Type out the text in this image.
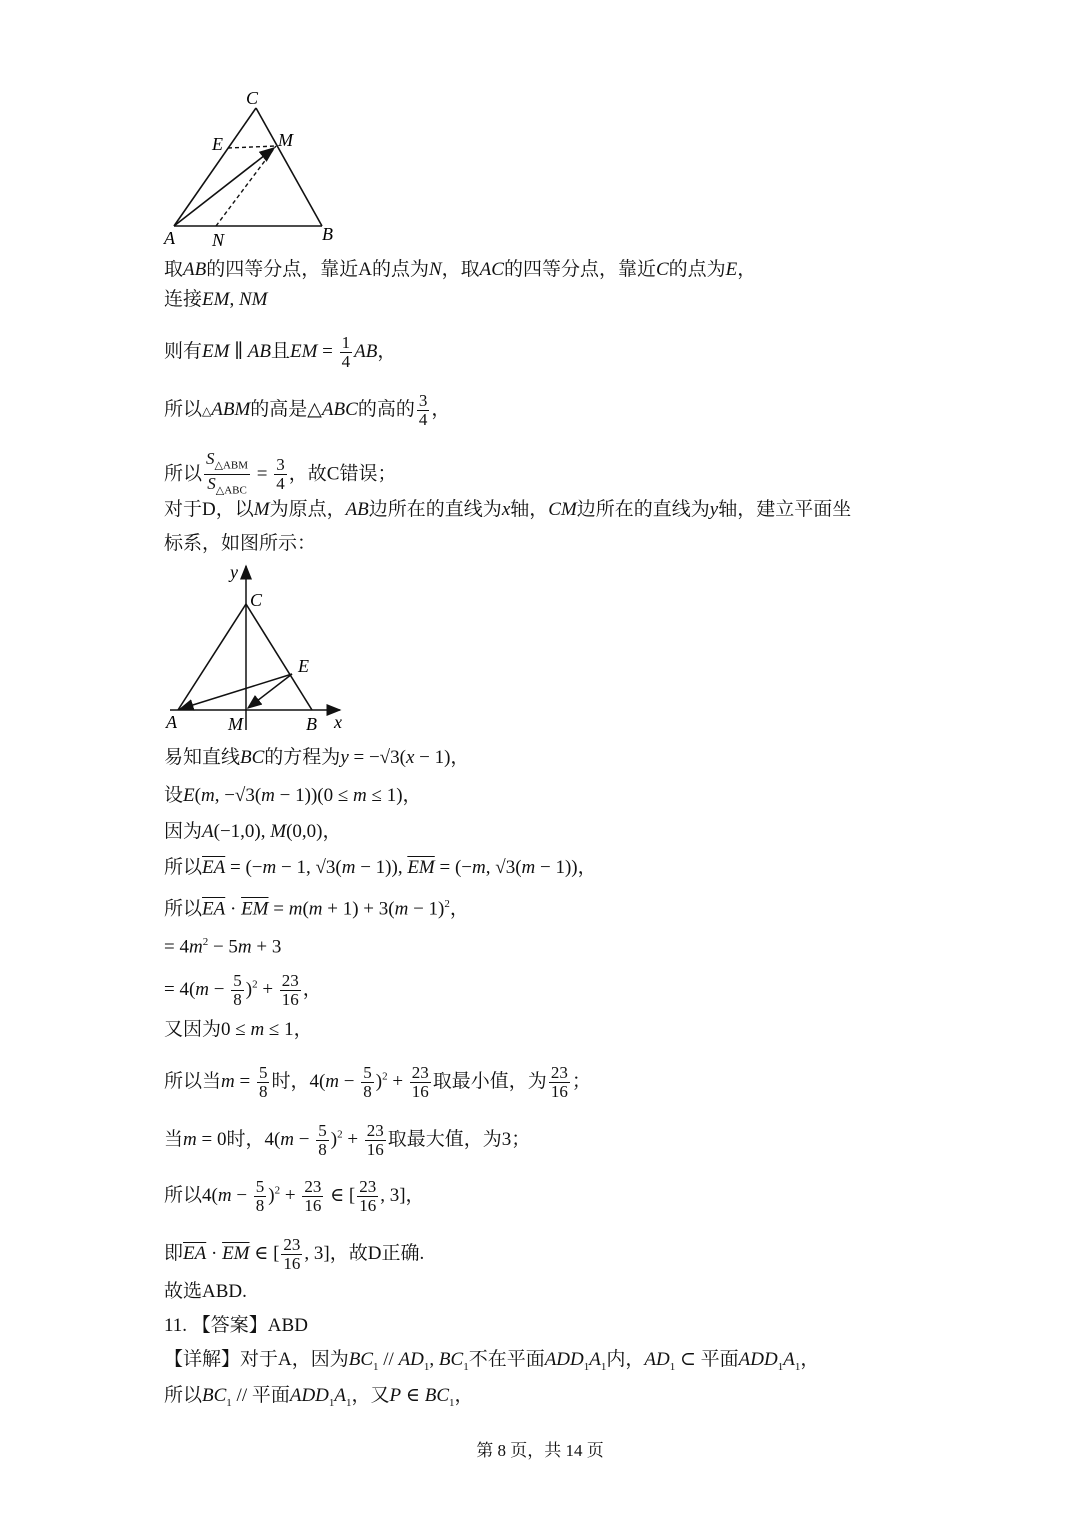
A N	B
C
E	M
取AB的四等分点，靠近A的点为N，取AC的四等分点，靠近C的点为E，
连接EM, NM
则有EM ∥ AB且EM = $\frac{1}{4}$ AB，
所以△ABM的高是△ABC的高的 $\frac{3}{4}$ ，
所以 $\frac{S_{\triangle ABM}}{S_{\triangle ABC}} = \frac{3}{4}$ ，故C错误；
对于D，以M为原点，AB边所在的直线为x轴，CM边所在的直线为y轴，建立平面坐
标系，如图所示：
y
x
C
E
A	M	B
易知直线BC的方程为y = −√3(x − 1)，
设E(m, −√3(m − 1))(0 ≤ m ≤ 1)，
因为A(−1,0), M(0,0)，
所以$\overline{EA} = (-m - 1$, √3(m − 1)), $\overline{EM} = (-m$, √3(m − 1))，
所以$\overline{EA} \cdot \overline{EM} = m(m + 1) + 3(m - 1)^2$，
= $4m^2 - 5m + 3$
= $4(m - \frac{5}{8} )^2 + \frac{23}{16}$ ，
又因为0 ≤ m ≤ 1，
所以当$m = \frac{5}{8}$ 时，$4(m - \frac{5}{8} )^2 + \frac{23}{16}$ 取最小值，为 $\frac{23}{16}$ ；
当m = 0时，$4(m - \frac{5}{8} )^2 + \frac{23}{16}$ 取最大值，为3；
所以$4(m - \frac{5}{8} )^2 + \frac{23}{16}$ ∈ [ $\frac{23}{16}$ , 3]，
即$\overline{EA} \cdot \overline{EM}$ ∈ [ $\frac{23}{16}$ , 3]，故D正确.
故选ABD.
11. 【答案】ABD
【详解】对于A，因为$BC_1 // AD_1$, $BC_1$不在平面$ADD_1A_1$内，$AD_1$ ⊂ 平面$ADD_1A_1$，
所以$BC_1$ // 平面$ADD_1A_1$，又P ∈ $BC_1$，
第 8 页，共 14 页
